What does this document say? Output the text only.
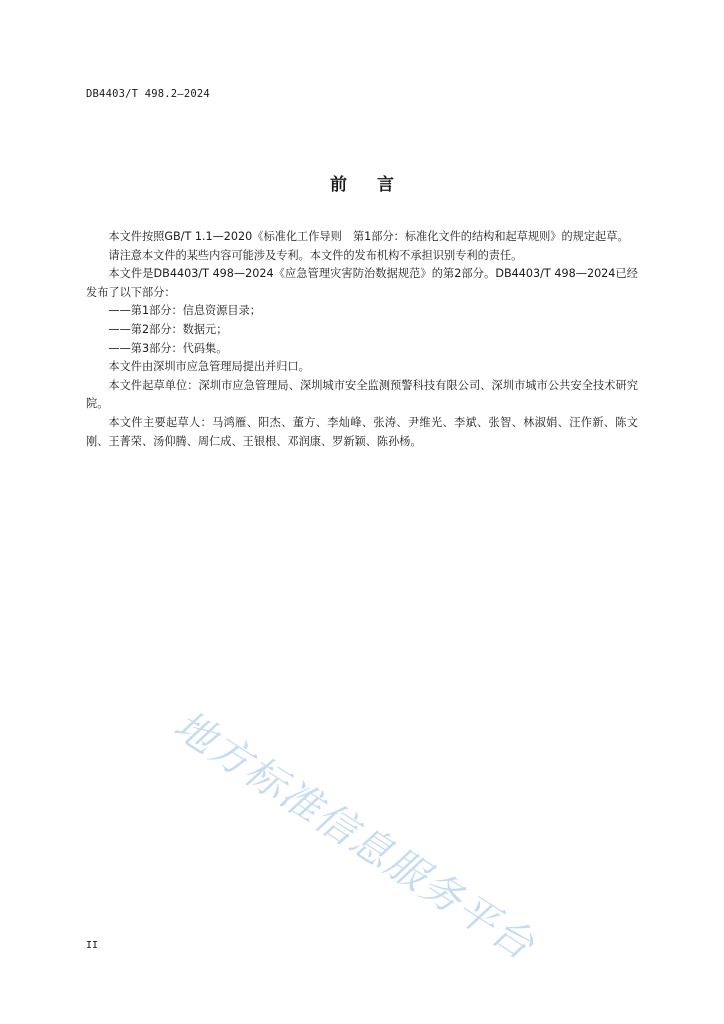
DB4403/T 498.2—2024
前言

本文件按照GB/T 1.1—2020《标准化工作导则　第1部分：标准化文件的结构和起草规则》的规定起草。

请注意本文件的某些内容可能涉及专利。本文件的发布机构不承担识别专利的责任。

本文件是DB4403/T 498—2024《应急管理灾害防治数据规范》的第2部分。DB4403/T 498—2024已经发布了以下部分：

——第1部分：信息资源目录；

——第2部分：数据元；

——第3部分：代码集。

本文件由深圳市应急管理局提出并归口。

本文件起草单位：深圳市应急管理局、深圳城市安全监测预警科技有限公司、深圳市城市公共安全技术研究院。

本文件主要起草人：马鸿雁、阳杰、董方、李灿峰、张涛、尹维光、李斌、张智、林淑娟、汪作新、陈文刚、王菁荣、汤仰腾、周仁成、王银根、邓润康、罗新颖、陈孙杨。

地方标准信息服务平台
II
